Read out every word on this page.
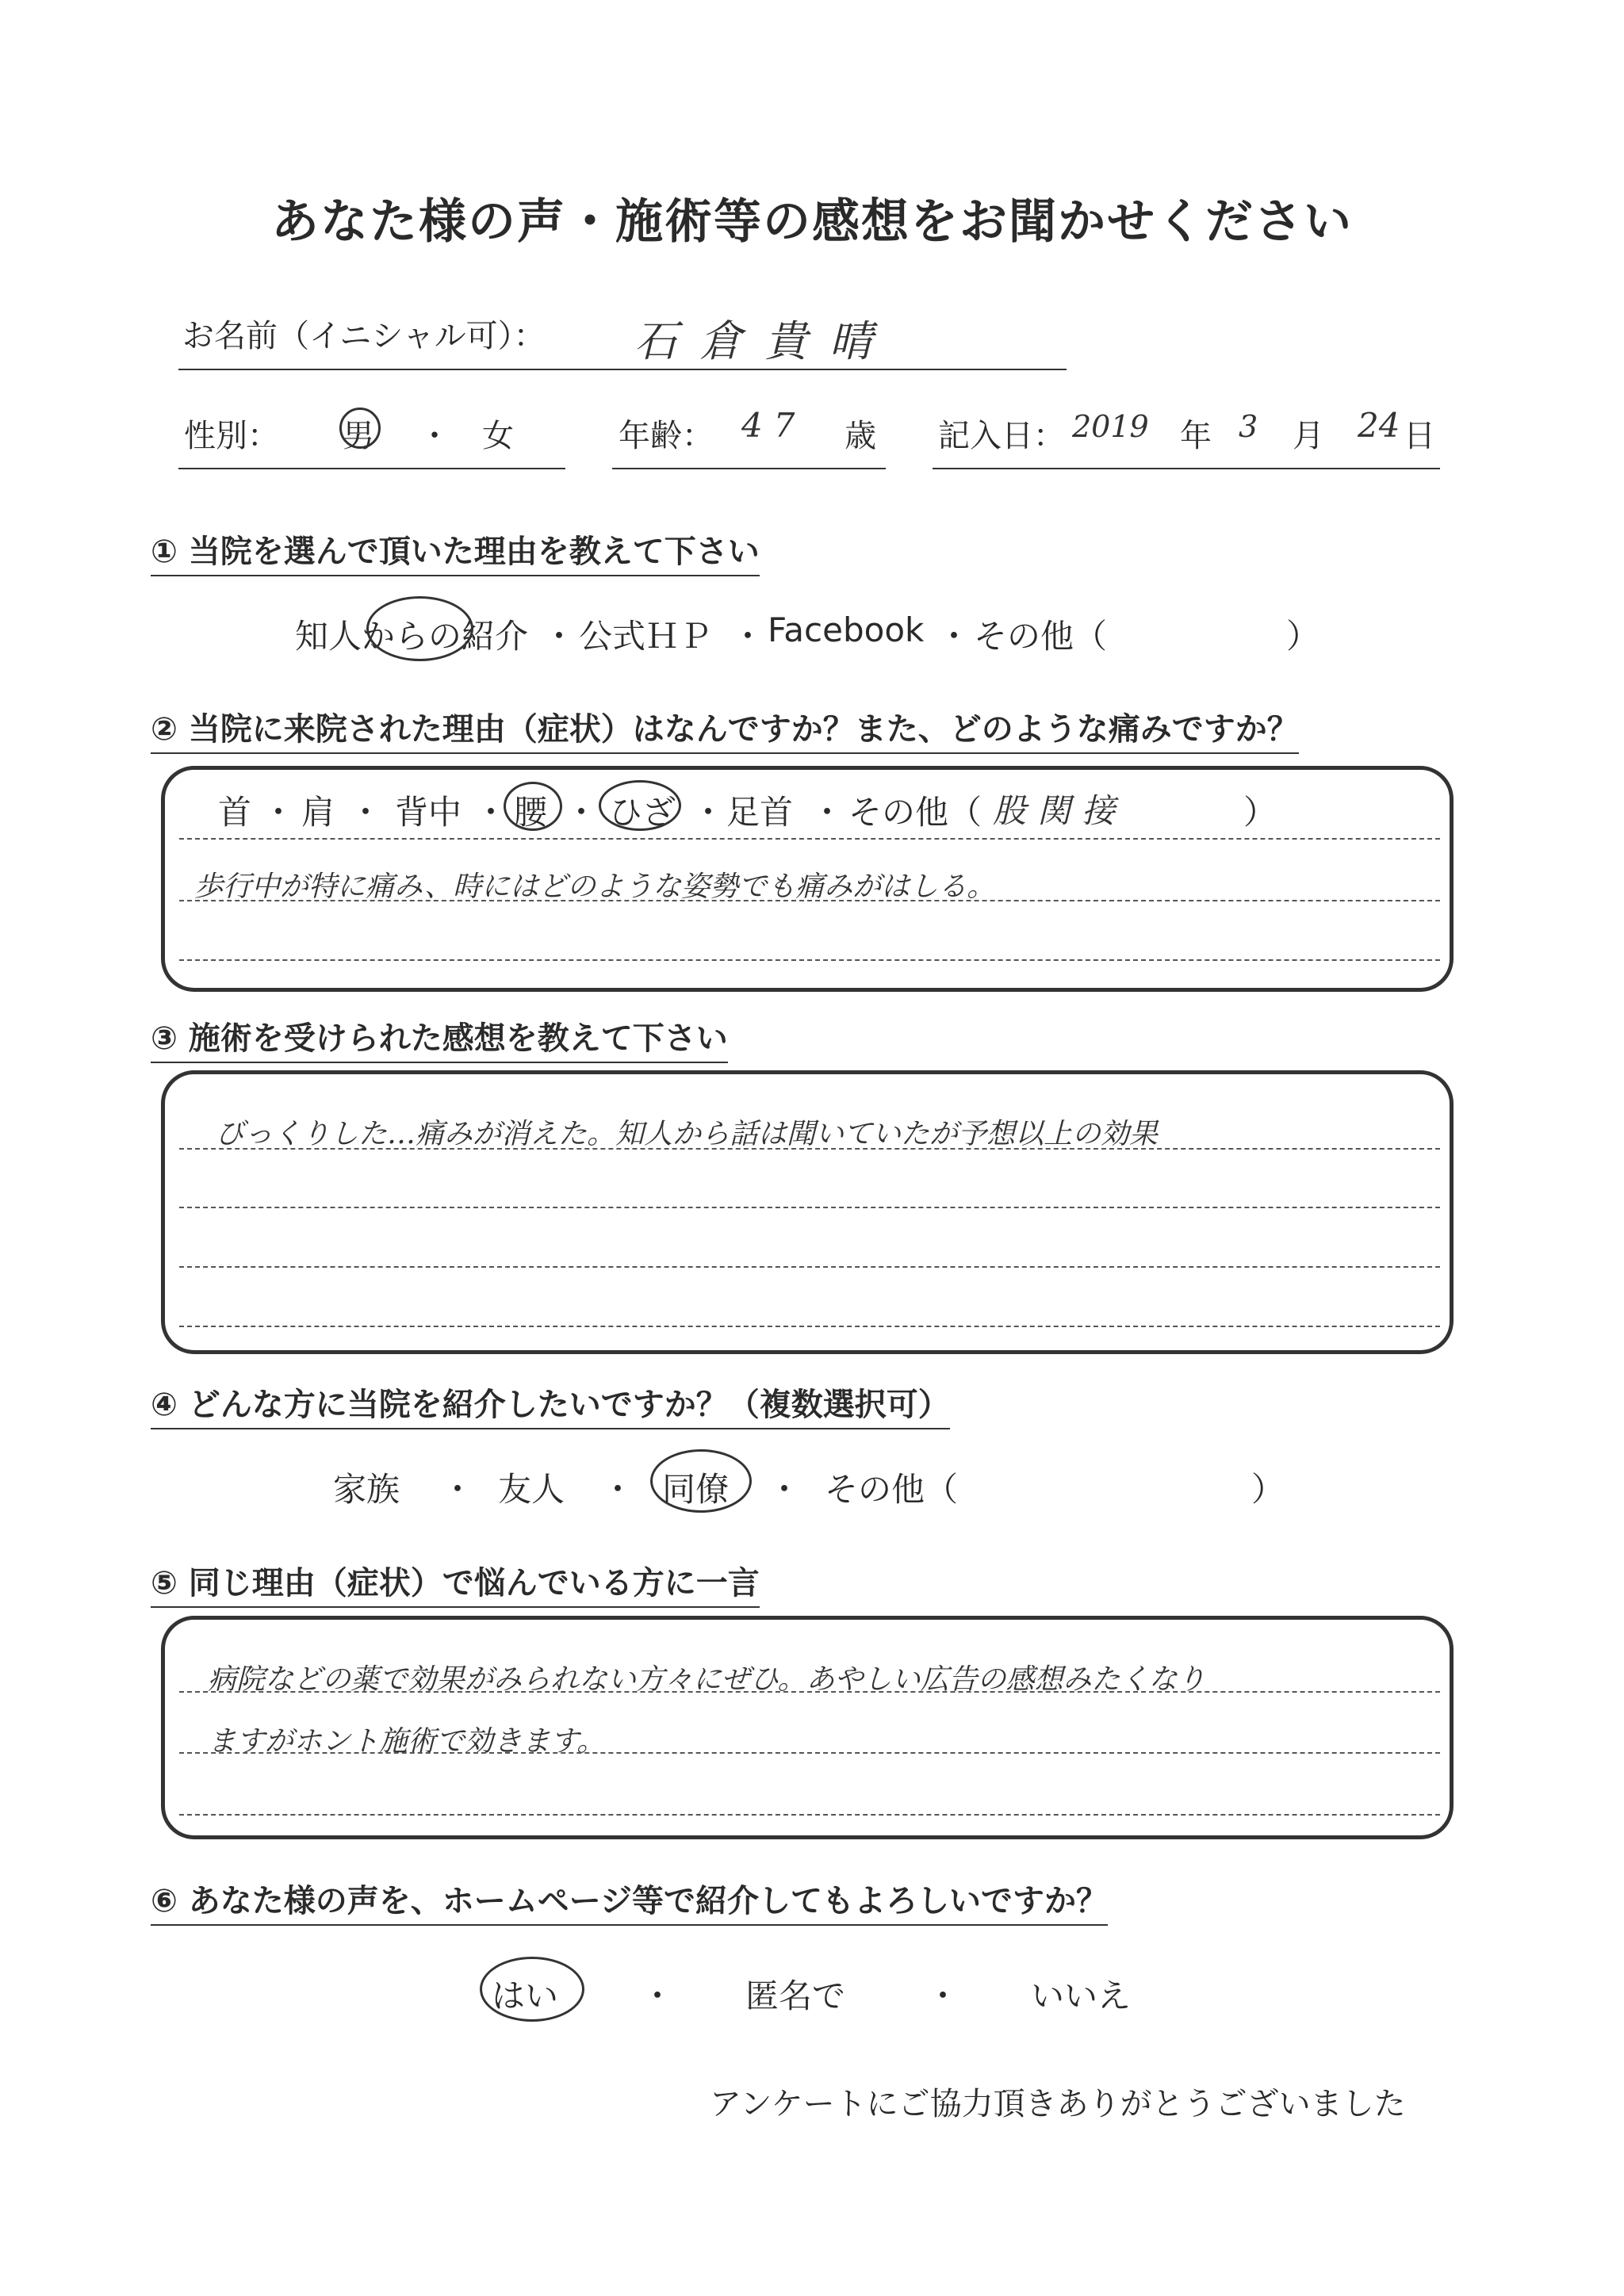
あなた様の声・施術等の感想をお聞かせください
お名前（イニシャル可）： 石倉貴晴
性別： 男 ・ 女	年齢： 47 歳 記入日： 2019 年 3 月 24 日
① 当院を選んで頂いた理由を教えて下さい
知人からの紹介 ・ 公式ＨＰ ・ Facebook ・ その他（	）
② 当院に来院された理由（症状）はなんですか？また、どのような痛みですか？
首 ・ 肩 ・ 背中 ・ 腰 ・ ひざ ・ 足首 ・ その他（ 股関接	）
歩行中が特に痛み、時にはどのような姿勢でも痛みがはしる。
③ 施術を受けられた感想を教えて下さい
びっくりした…痛みが消えた。知人から話は聞いていたが予想以上の効果
④ どんな方に当院を紹介したいですか？（複数選択可）
家族 ・ 友人 ・ 同僚 ・ その他（	）
⑤ 同じ理由（症状）で悩んでいる方に一言
病院などの薬で効果がみられない方々にぜひ。あやしい広告の感想みたくなり
ますがホント施術で効きます。
⑥ あなた様の声を、ホームページ等で紹介してもよろしいですか？
はい ・ 匿名で ・ いいえ
アンケートにご協力頂きありがとうございました
